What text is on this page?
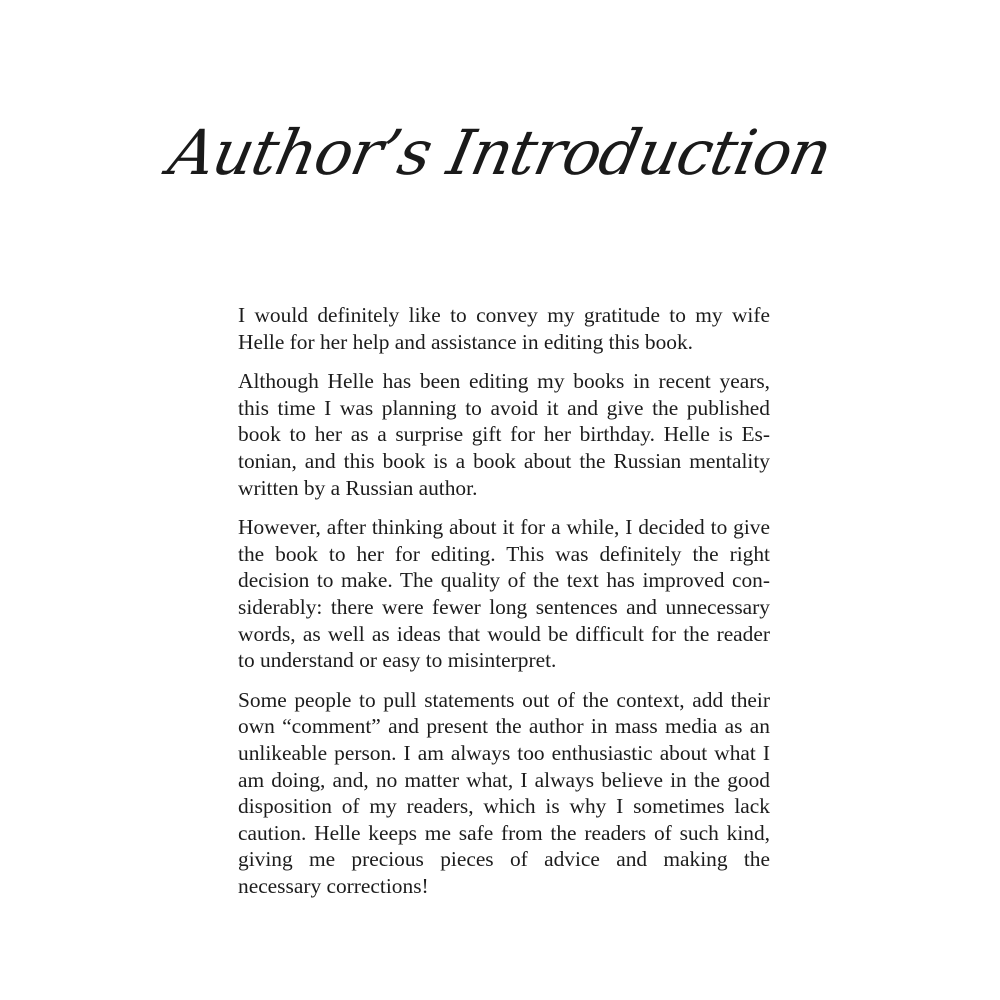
Author’s Introduction

I would definitely like to convey my gratitude to my wife Helle for her help and assistance in editing this book.

Although Helle has been editing my books in recent years, this time I was planning to avoid it and give the published book to her as a surprise gift for her birthday. Helle is Estonian, and this book is a book about the Russian mentality written by a Russian author.

However, after thinking about it for a while, I decided to give the book to her for editing. This was definitely the right decision to make. The quality of the text has improved considerably: there were fewer long sentences and unnecessary words, as well as ideas that would be difficult for the reader to understand or easy to misinterpret.

Some people to pull statements out of the context, add their own “comment” and present the author in mass media as an unlikeable person. I am always too enthusiastic about what I am doing, and, no matter what, I always believe in the good disposition of my readers, which is why I sometimes lack caution. Helle keeps me safe from the readers of such kind, giving me precious pieces of advice and making the necessary corrections!
